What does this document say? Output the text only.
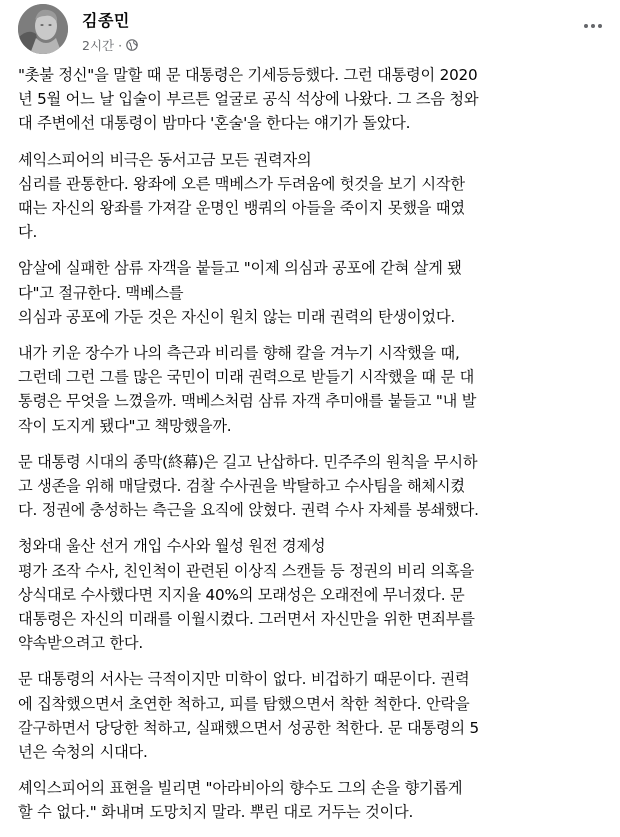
김종민
2시간 ·

"촛불 정신"을 말할 때 문 대통령은 기세등등했다. 그런 대통령이 2020
년 5월 어느 날 입술이 부르튼 얼굴로 공식 석상에 나왔다. 그 즈음 청와
대 주변에선 대통령이 밤마다 '혼술'을 한다는 얘기가 돌았다.

셰익스피어의 비극은 동서고금 모든 권력자의
심리를 관통한다. 왕좌에 오른 맥베스가 두려움에 헛것을 보기 시작한
때는 자신의 왕좌를 가져갈 운명인 뱅쿼의 아들을 죽이지 못했을 때였
다.

암살에 실패한 삼류 자객을 붙들고 "이제 의심과 공포에 갇혀 살게 됐
다"고 절규한다. 맥베스를
의심과 공포에 가둔 것은 자신이 원치 않는 미래 권력의 탄생이었다.

내가 키운 장수가 나의 측근과 비리를 향해 칼을 겨누기 시작했을 때,
그런데 그런 그를 많은 국민이 미래 권력으로 받들기 시작했을 때 문 대
통령은 무엇을 느꼈을까. 맥베스처럼 삼류 자객 추미애를 붙들고 "내 발
작이 도지게 됐다"고 책망했을까.

문 대통령 시대의 종막(終幕)은 길고 난삽하다. 민주주의 원칙을 무시하
고 생존을 위해 매달렸다. 검찰 수사권을 박탈하고 수사팀을 해체시켰
다. 정권에 충성하는 측근을 요직에 앉혔다. 권력 수사 자체를 봉쇄했다.

청와대 울산 선거 개입 수사와 월성 원전 경제성
평가 조작 수사, 친인척이 관련된 이상직 스캔들 등 정권의 비리 의혹을
상식대로 수사했다면 지지율 40%의 모래성은 오래전에 무너졌다. 문
대통령은 자신의 미래를 이월시켰다. 그러면서 자신만을 위한 면죄부를
약속받으려고 한다.

문 대통령의 서사는 극적이지만 미학이 없다. 비겁하기 때문이다. 권력
에 집착했으면서 초연한 척하고, 피를 탐했으면서 착한 척한다. 안락을
갈구하면서 당당한 척하고, 실패했으면서 성공한 척한다. 문 대통령의 5
년은 숙청의 시대다.

셰익스피어의 표현을 빌리면 "아라비아의 향수도 그의 손을 향기롭게
할 수 없다." 화내며 도망치지 말라. 뿌린 대로 거두는 것이다.
